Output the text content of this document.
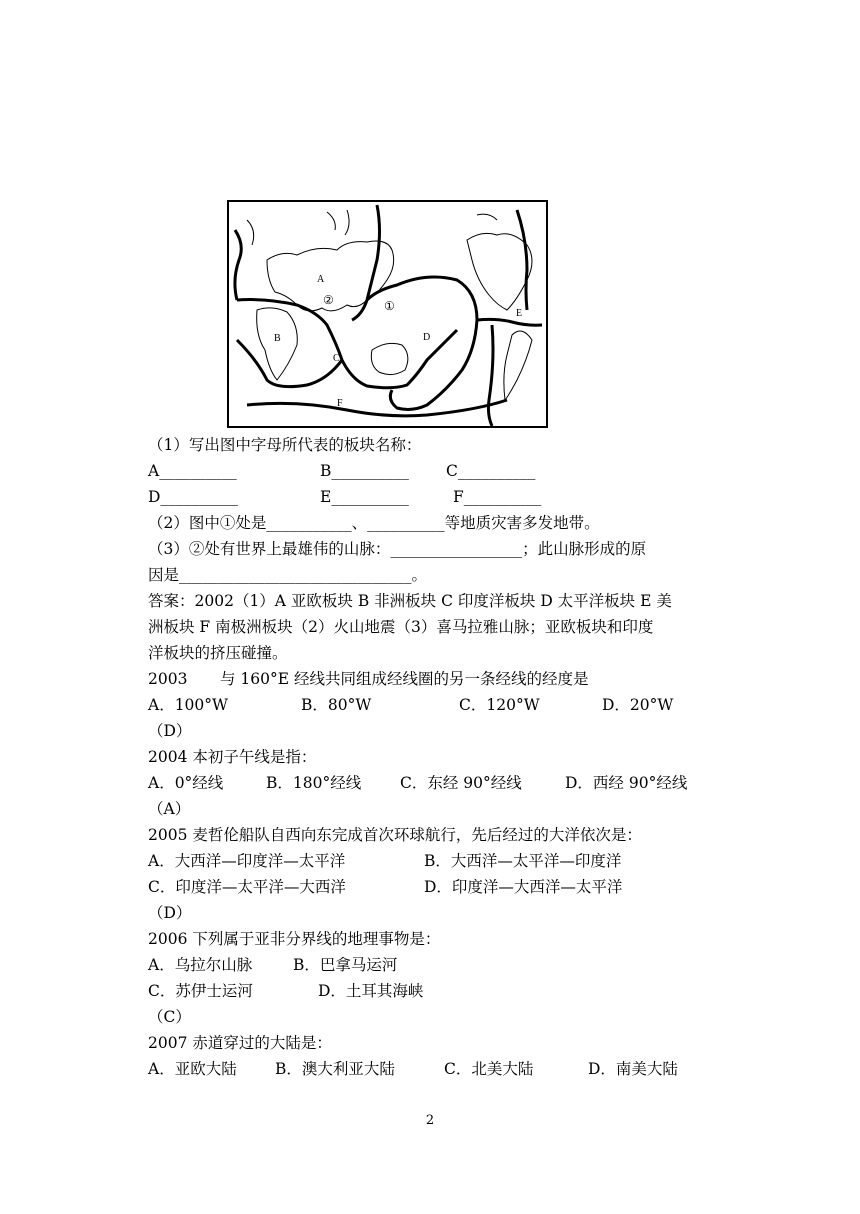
A
B
C
D
E
F
①
②
（1）写出图中字母所代表的板块名称：
A__________	B__________ C__________
D__________	E__________	F__________
（2）图中①处是___________、__________等地质灾害多发地带。
（3）②处有世界上最雄伟的山脉：_________________；此山脉形成的原
因是______________________________。
答案：2002（1）A 亚欧板块 B 非洲板块 C 印度洋板块 D 太平洋板块 E 美
洲板块 F 南极洲板块（2）火山地震（3）喜马拉雅山脉；亚欧板块和印度
洋板块的挤压碰撞。
2003 与 160°E 经线共同组成经线圈的另一条经线的经度是
A．100°W	B．80°W	C．120°W	D．20°W
（D）
2004 本初子午线是指：
A．0°经线	B．180°经线	C．东经 90°经线	D．西经 90°经线
（A）
2005 麦哲伦船队自西向东完成首次环球航行，先后经过的大洋依次是：
A．大西洋—印度洋—太平洋	B．大西洋—太平洋—印度洋
C．印度洋—太平洋—大西洋	D．印度洋—大西洋—太平洋
（D）
2006 下列属于亚非分界线的地理事物是：
A．乌拉尔山脉	B．巴拿马运河
C．苏伊士运河	D．土耳其海峡
（C）
2007 赤道穿过的大陆是：
A．亚欧大陆 B．澳大利亚大陆	C．北美大陆	D．南美大陆
2
